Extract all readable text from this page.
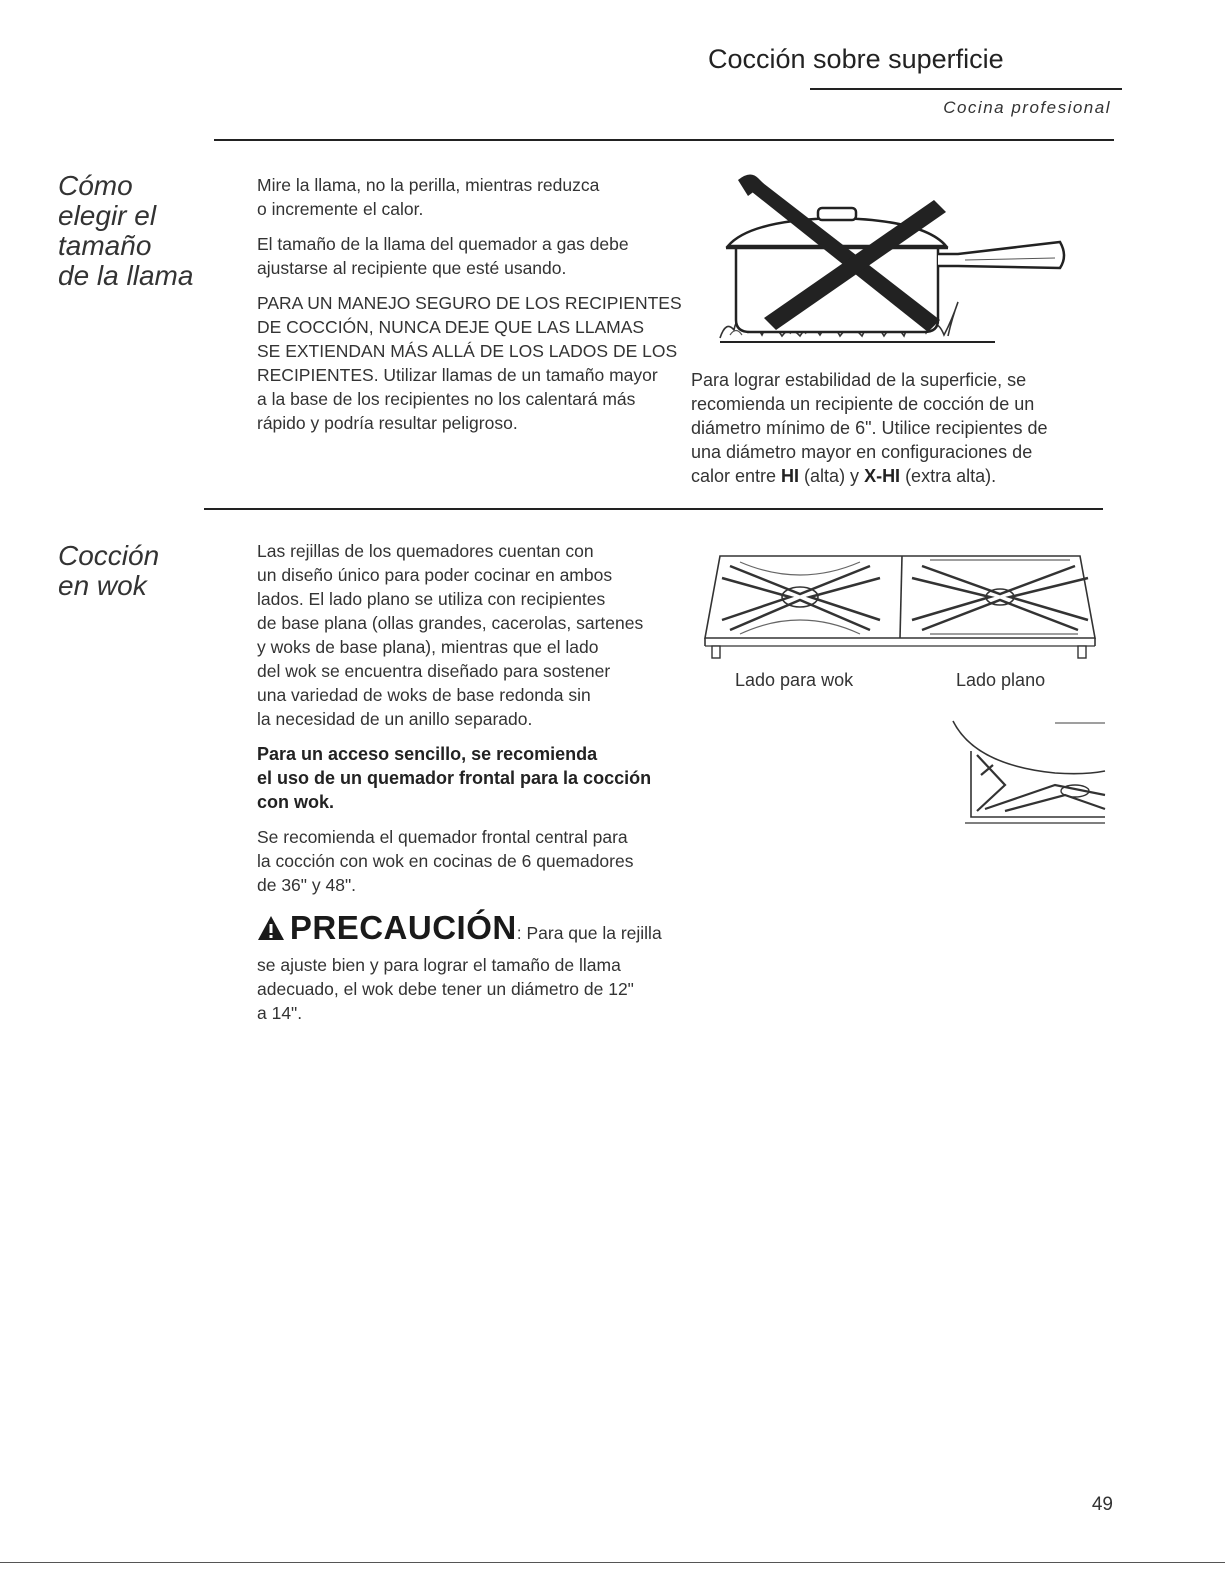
Cocción sobre superficie
Cocina profesional
Cómo
elegir el
tamaño
de la llama

Mire la llama, no la perilla, mientras reduzca
o incremente el calor.

El tamaño de la llama del quemador a gas debe
ajustarse al recipiente que esté usando.

PARA UN MANEJO SEGURO DE LOS RECIPIENTES
DE COCCIÓN, NUNCA DEJE QUE LAS LLAMAS
SE EXTIENDAN MÁS ALLÁ DE LOS LADOS DE LOS
RECIPIENTES. Utilizar llamas de un tamaño mayor
a la base de los recipientes no los calentará más
rápido y podría resultar peligroso.

Para lograr estabilidad de la superficie, se
recomienda un recipiente de cocción de un
diámetro mínimo de 6". Utilice recipientes de
una diámetro mayor en configuraciones de
calor entre HI (alta) y X-HI (extra alta).
Cocción
en wok

Las rejillas de los quemadores cuentan con
un diseño único para poder cocinar en ambos
lados. El lado plano se utiliza con recipientes
de base plana (ollas grandes, cacerolas, sartenes
y woks de base plana), mientras que el lado
del wok se encuentra diseñado para sostener
una variedad de woks de base redonda sin
la necesidad de un anillo separado.

Para un acceso sencillo, se recomienda
el uso de un quemador frontal para la cocción
con wok.

Se recomienda el quemador frontal central para
la cocción con wok en cocinas de 6 quemadores
de 36" y 48".

PRECAUCIÓN: Para que la rejilla
se ajuste bien y para lograr el tamaño de llama
adecuado, el wok debe tener un diámetro de 12"
a 14".
Lado para wok	Lado plano
49
